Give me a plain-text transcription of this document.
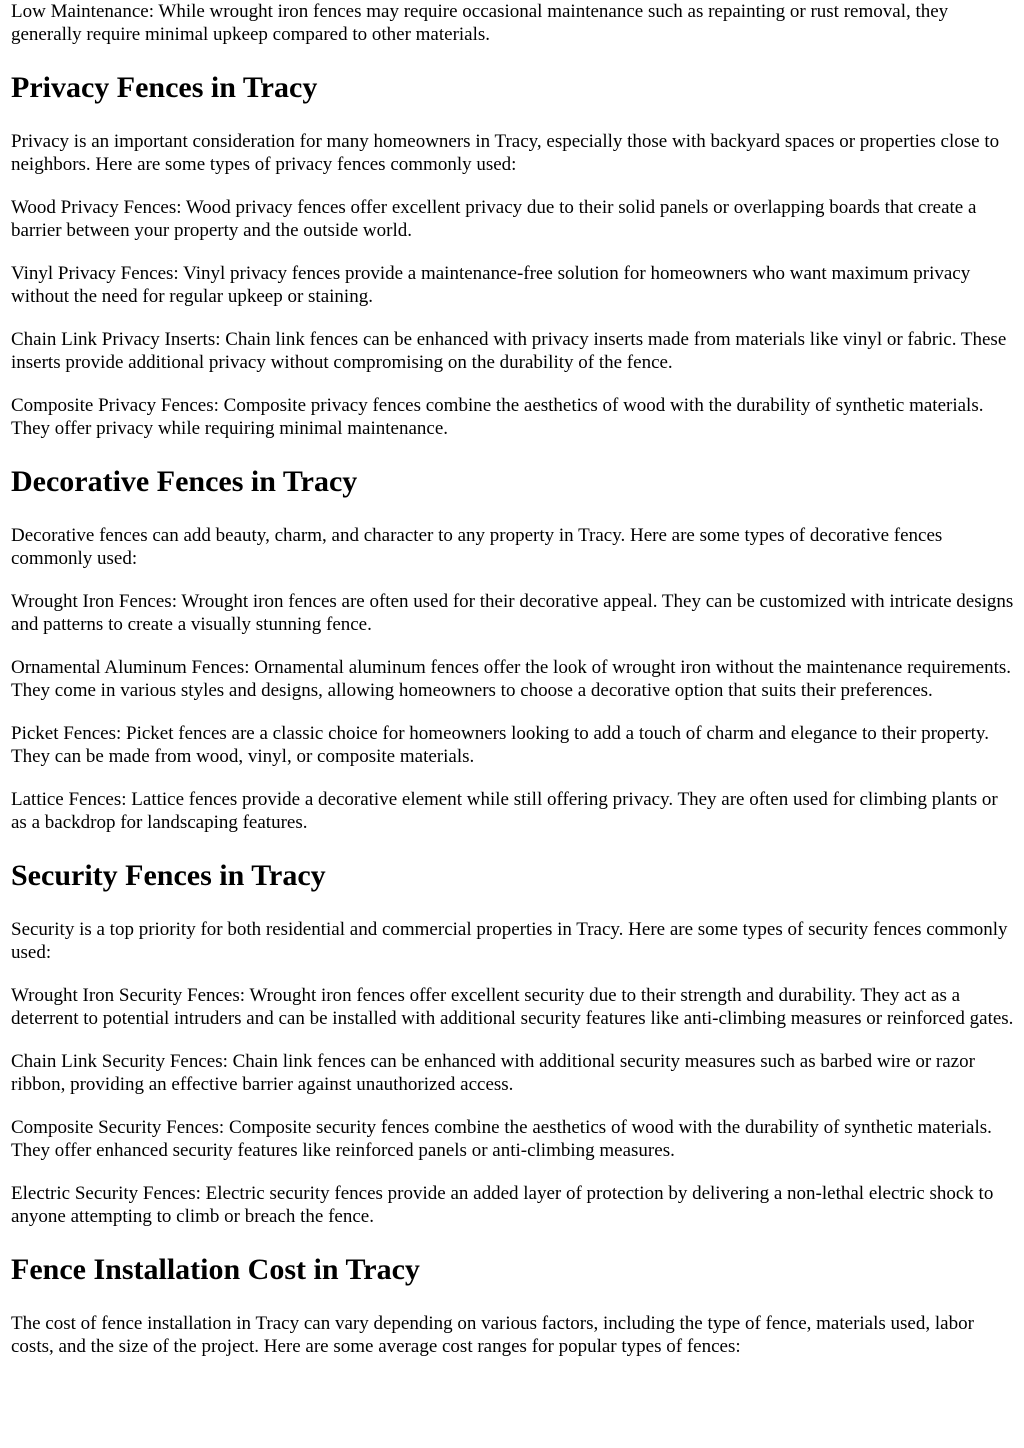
Low Maintenance: While wrought iron fences may require occasional maintenance such as repainting or rust removal, they generally require minimal upkeep compared to other materials.

Privacy Fences in Tracy

Privacy is an important consideration for many homeowners in Tracy, especially those with backyard spaces or properties close to neighbors. Here are some types of privacy fences commonly used:

Wood Privacy Fences: Wood privacy fences offer excellent privacy due to their solid panels or overlapping boards that create a barrier between your property and the outside world.

Vinyl Privacy Fences: Vinyl privacy fences provide a maintenance-free solution for homeowners who want maximum privacy without the need for regular upkeep or staining.

Chain Link Privacy Inserts: Chain link fences can be enhanced with privacy inserts made from materials like vinyl or fabric. These inserts provide additional privacy without compromising on the durability of the fence.

Composite Privacy Fences: Composite privacy fences combine the aesthetics of wood with the durability of synthetic materials. They offer privacy while requiring minimal maintenance.

Decorative Fences in Tracy

Decorative fences can add beauty, charm, and character to any property in Tracy. Here are some types of decorative fences commonly used:

Wrought Iron Fences: Wrought iron fences are often used for their decorative appeal. They can be customized with intricate designs and patterns to create a visually stunning fence.

Ornamental Aluminum Fences: Ornamental aluminum fences offer the look of wrought iron without the maintenance requirements. They come in various styles and designs, allowing homeowners to choose a decorative option that suits their preferences.

Picket Fences: Picket fences are a classic choice for homeowners looking to add a touch of charm and elegance to their property. They can be made from wood, vinyl, or composite materials.

Lattice Fences: Lattice fences provide a decorative element while still offering privacy. They are often used for climbing plants or as a backdrop for landscaping features.

Security Fences in Tracy

Security is a top priority for both residential and commercial properties in Tracy. Here are some types of security fences commonly used:

Wrought Iron Security Fences: Wrought iron fences offer excellent security due to their strength and durability. They act as a deterrent to potential intruders and can be installed with additional security features like anti-climbing measures or reinforced gates.

Chain Link Security Fences: Chain link fences can be enhanced with additional security measures such as barbed wire or razor ribbon, providing an effective barrier against unauthorized access.

Composite Security Fences: Composite security fences combine the aesthetics of wood with the durability of synthetic materials. They offer enhanced security features like reinforced panels or anti-climbing measures.

Electric Security Fences: Electric security fences provide an added layer of protection by delivering a non-lethal electric shock to anyone attempting to climb or breach the fence.

Fence Installation Cost in Tracy

The cost of fence installation in Tracy can vary depending on various factors, including the type of fence, materials used, labor costs, and the size of the project. Here are some average cost ranges for popular types of fences:
